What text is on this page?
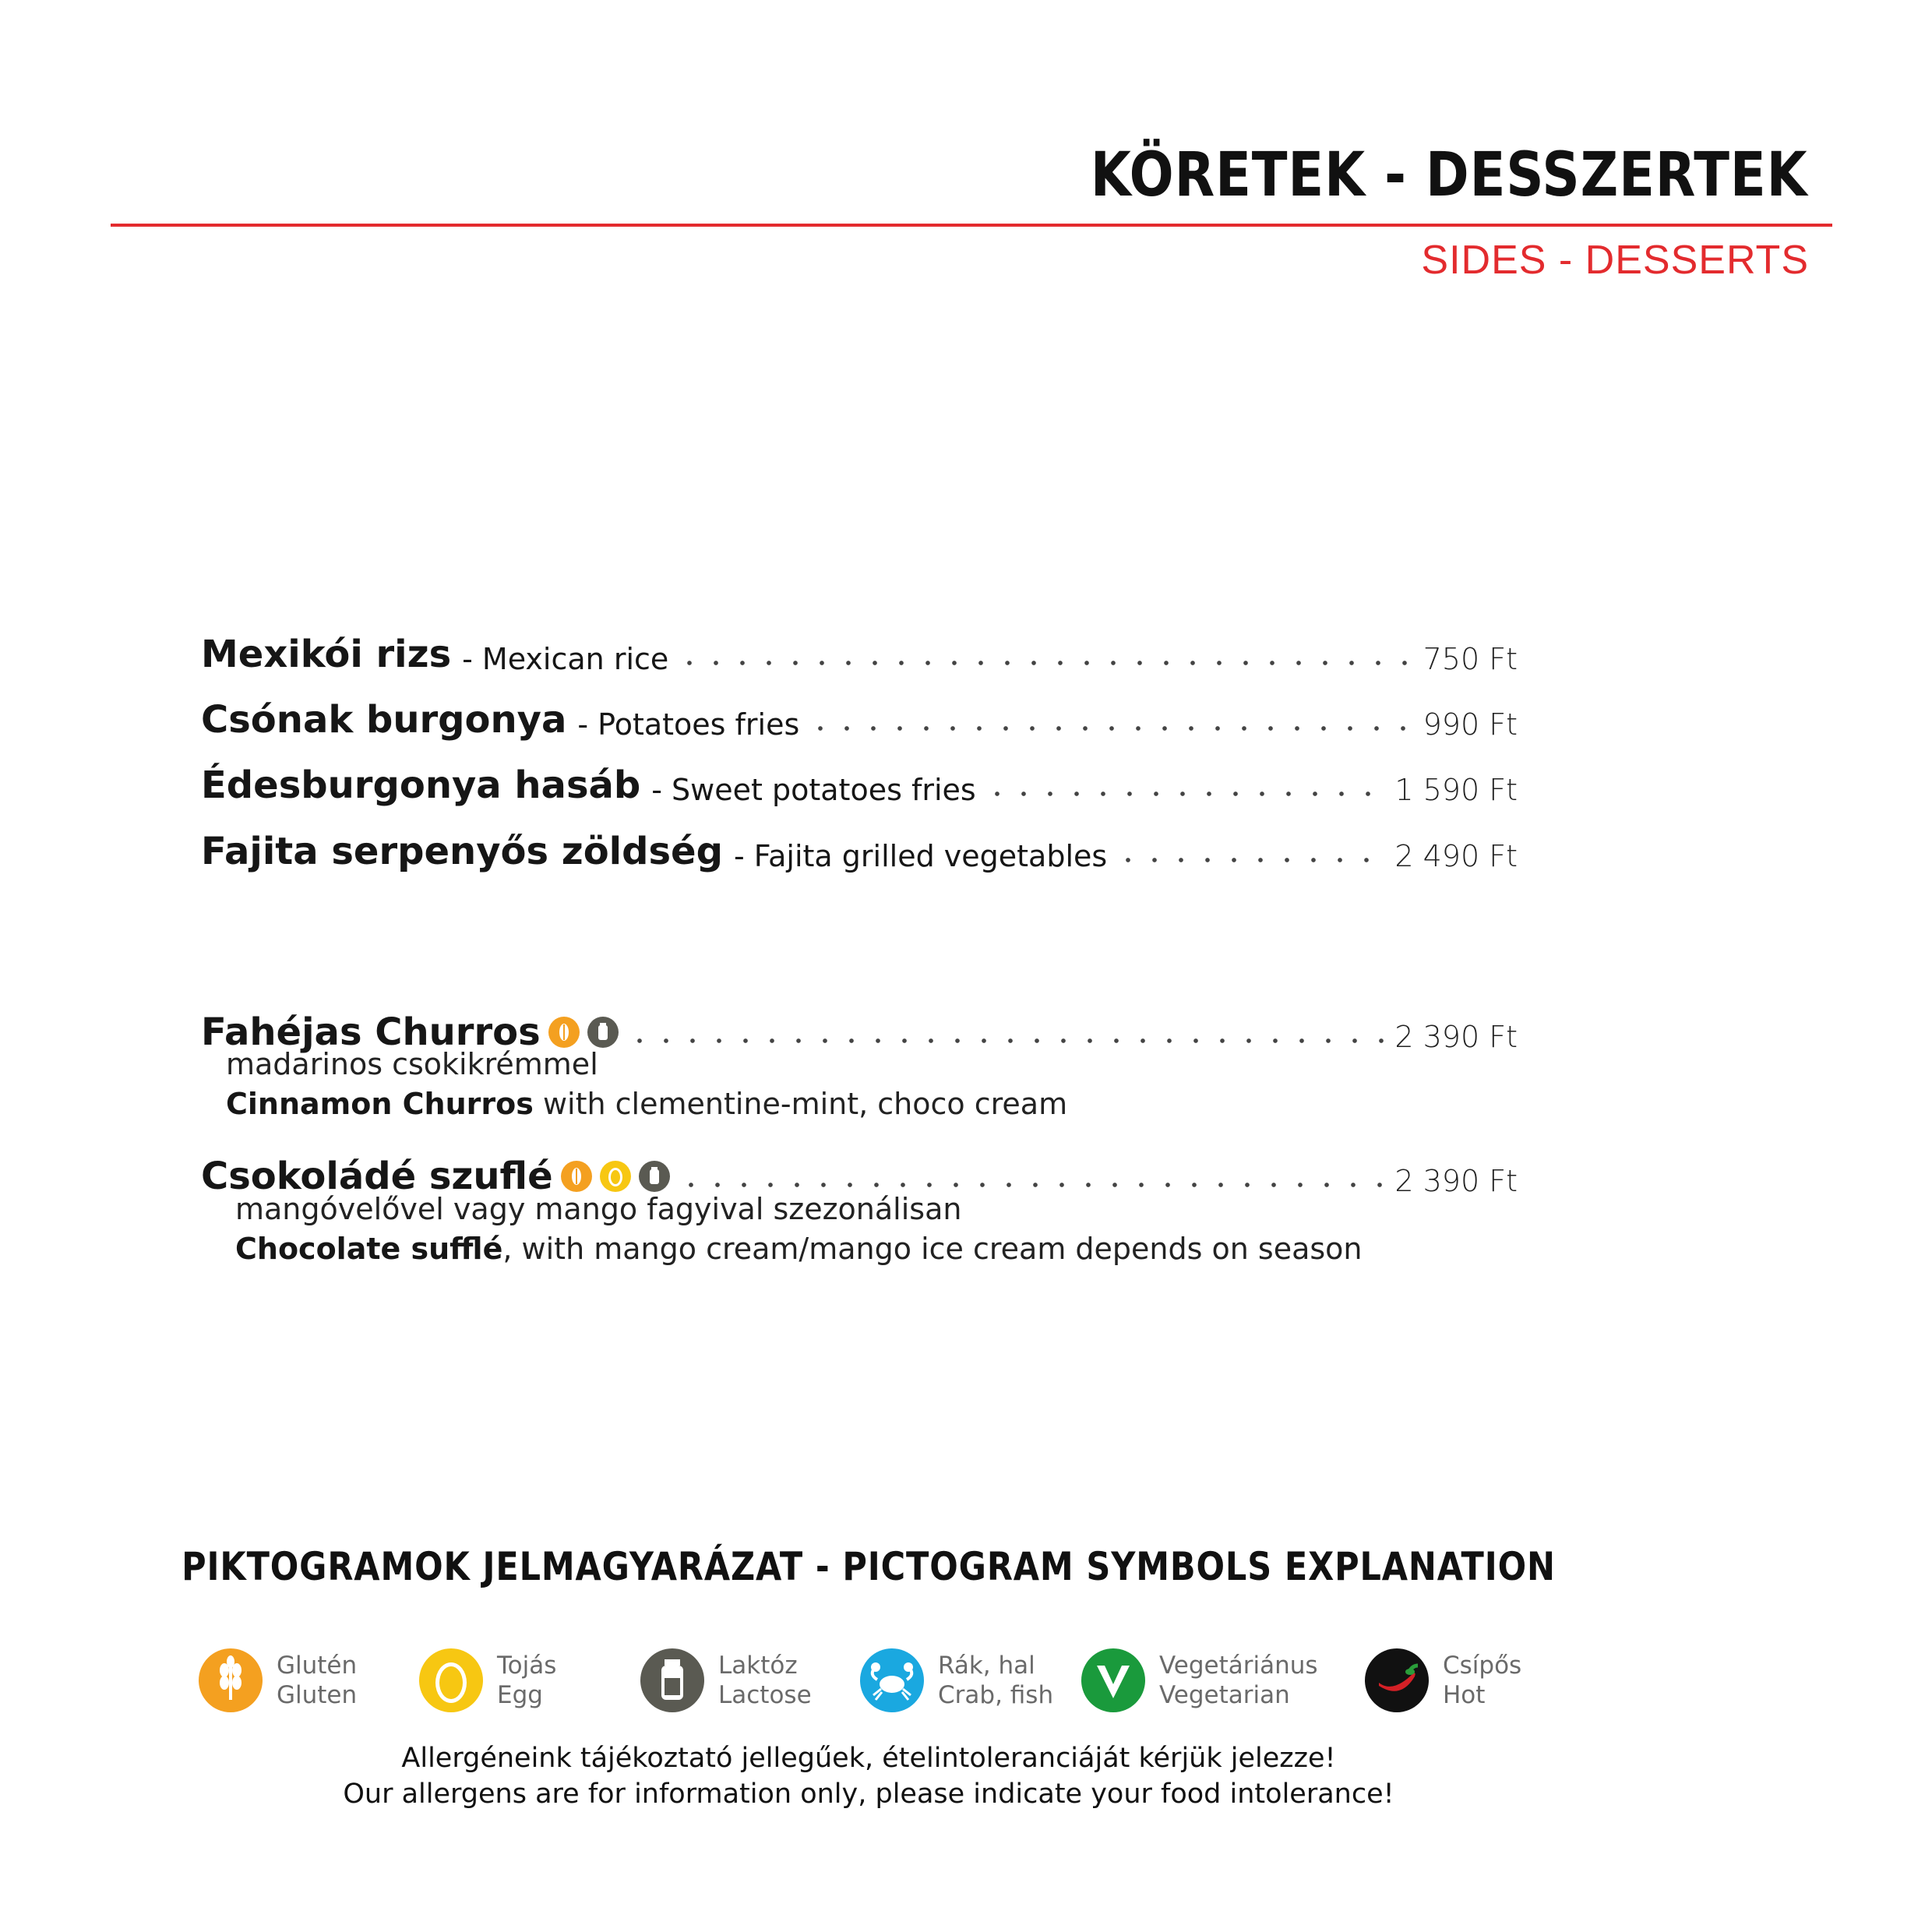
KÖRETEK - DESSZERTEK
SIDES - DESSERTS
Mexikói rizs - Mexican rice	750 Ft
Csónak burgonya - Potatoes fries	990 Ft
Édesburgonya hasáb - Sweet potatoes fries	1 590 Ft
Fajita serpenyős zöldség - Fajita grilled vegetables	2 490 Ft
Fahéjas Churros	2 390 Ft
madarinos csokikrémmel
Cinnamon Churros with clementine-mint, choco cream
Csokoládé szuflé	2 390 Ft
mangóvelővel vagy mango fagyival szezonálisan
Chocolate sufflé, with mango cream/mango ice cream depends on season
PIKTOGRAMOK JELMAGYARÁZAT - PICTOGRAM SYMBOLS EXPLANATION
Glutén
Gluten
Tojás
Egg
Laktóz
Lactose
Rák, hal
Crab, fish
Vegetáriánus
Vegetarian
Csípős
Hot
Allergéneink tájékoztató jellegűek, ételintoleranciáját kérjük jelezze!
Our allergens are for information only, please indicate your food intolerance!
